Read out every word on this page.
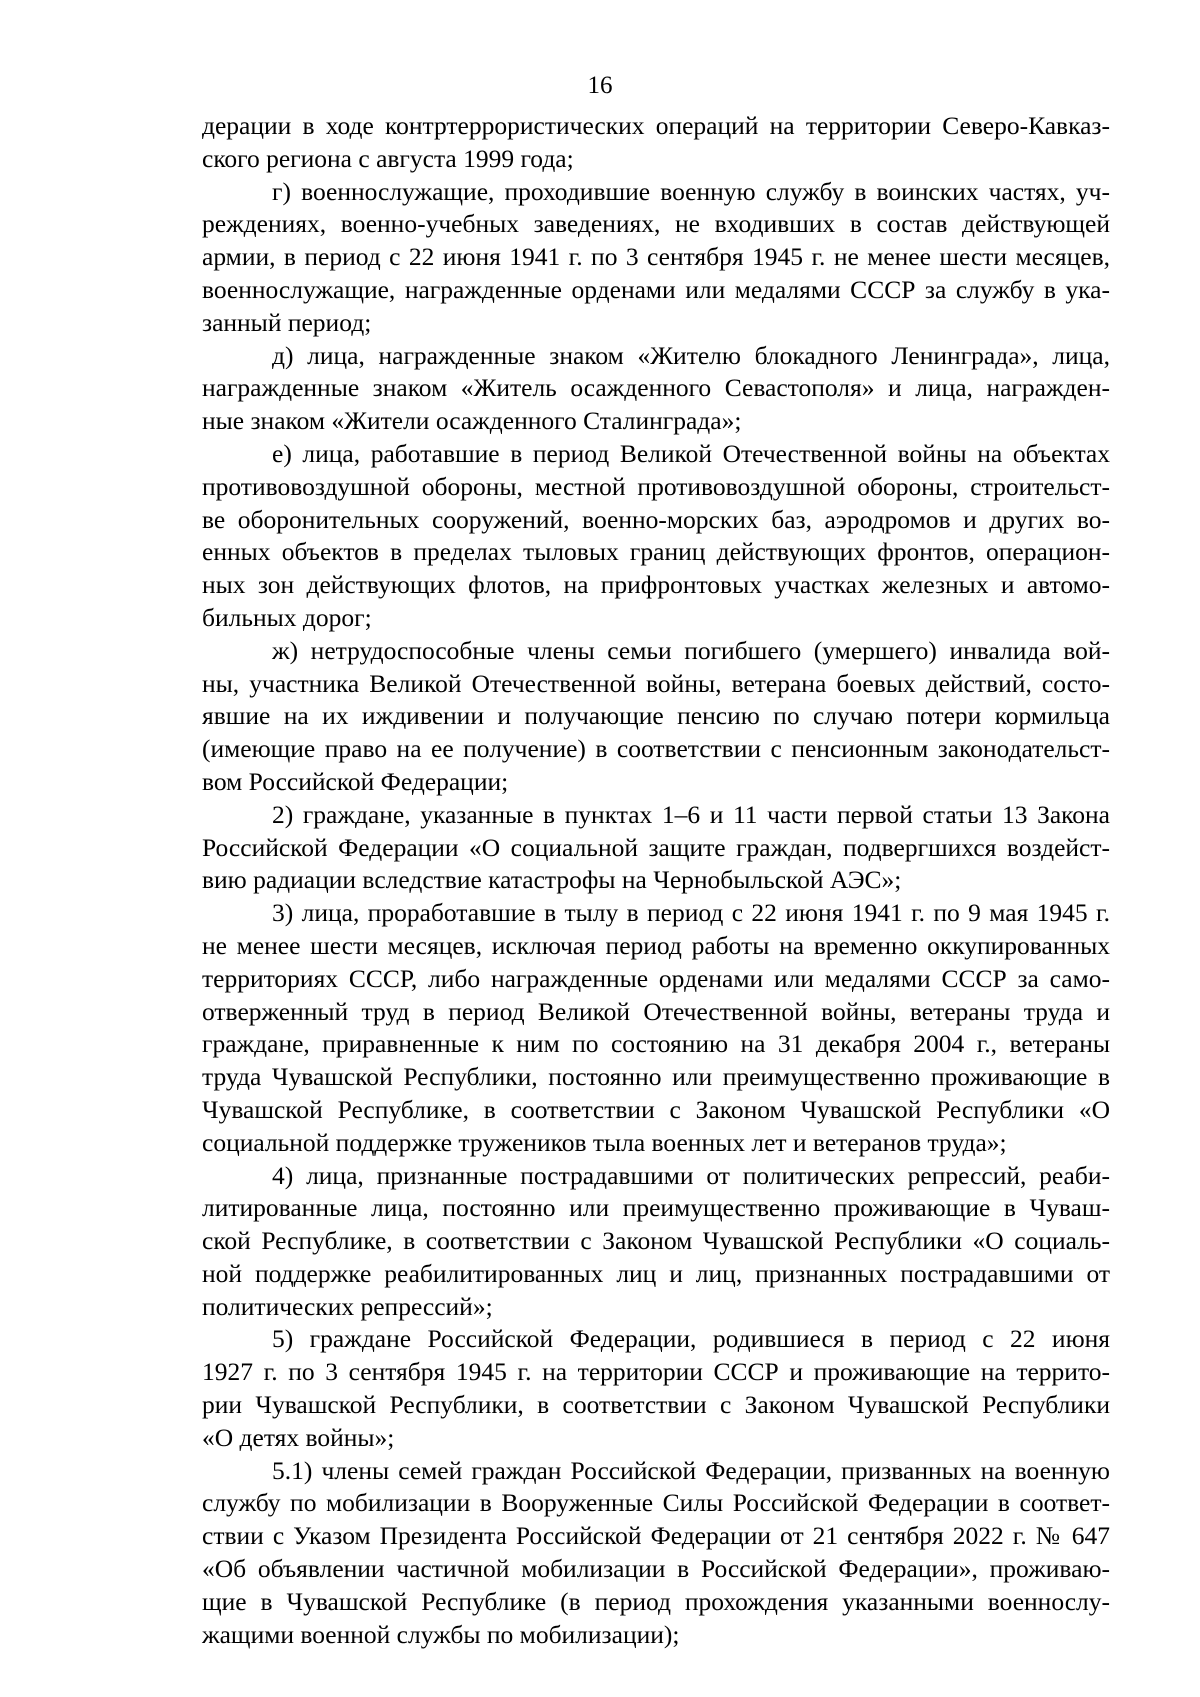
16
дерации в ходе контртеррористических операций на территории Северо-Кавказ-
ского региона с августа 1999 года;
г) военнослужащие, проходившие военную службу в воинских частях, уч-
реждениях, военно-учебных заведениях, не входивших в состав действующей
армии, в период с 22 июня 1941 г. по 3 сентября 1945 г. не менее шести месяцев,
военнослужащие, награжденные орденами или медалями СССР за службу в ука-
занный период;
д) лица, награжденные знаком «Жителю блокадного Ленинграда», лица,
награжденные знаком «Житель осажденного Севастополя» и лица, награжден-
ные знаком «Жители осажденного Сталинграда»;
е) лица, работавшие в период Великой Отечественной войны на объектах
противовоздушной обороны, местной противовоздушной обороны, строительст-
ве оборонительных сооружений, военно-морских баз, аэродромов и других во-
енных объектов в пределах тыловых границ действующих фронтов, операцион-
ных зон действующих флотов, на прифронтовых участках железных и автомо-
бильных дорог;
ж) нетрудоспособные члены семьи погибшего (умершего) инвалида вой-
ны, участника Великой Отечественной войны, ветерана боевых действий, состо-
явшие на их иждивении и получающие пенсию по случаю потери кормильца
(имеющие право на ее получение) в соответствии с пенсионным законодательст-
вом Российской Федерации;
2) граждане, указанные в пунктах 1–6 и 11 части первой статьи 13 Закона
Российской Федерации «О социальной защите граждан, подвергшихся воздейст-
вию радиации вследствие катастрофы на Чернобыльской АЭС»;
3) лица, проработавшие в тылу в период с 22 июня 1941 г. по 9 мая 1945 г.
не менее шести месяцев, исключая период работы на временно оккупированных
территориях СССР, либо награжденные орденами или медалями СССР за само-
отверженный труд в период Великой Отечественной войны, ветераны труда и
граждане, приравненные к ним по состоянию на 31 декабря 2004 г., ветераны
труда Чувашской Республики, постоянно или преимущественно проживающие в
Чувашской Республике, в соответствии с Законом Чувашской Республики «О
социальной поддержке тружеников тыла военных лет и ветеранов труда»;
4) лица, признанные пострадавшими от политических репрессий, реаби-
литированные лица, постоянно или преимущественно проживающие в Чуваш-
ской Республике, в соответствии с Законом Чувашской Республики «О социаль-
ной поддержке реабилитированных лиц и лиц, признанных пострадавшими от
политических репрессий»;
5) граждане Российской Федерации, родившиеся в период с 22 июня
1927 г. по 3 сентября 1945 г. на территории СССР и проживающие на террито-
рии Чувашской Республики, в соответствии с Законом Чувашской Республики
«О детях войны»;
5.1) члены семей граждан Российской Федерации, призванных на военную
службу по мобилизации в Вооруженные Силы Российской Федерации в соответ-
ствии с Указом Президента Российской Федерации от 21 сентября 2022 г. № 647
«Об объявлении частичной мобилизации в Российской Федерации», проживаю-
щие в Чувашской Республике (в период прохождения указанными военнослу-
жащими военной службы по мобилизации);
